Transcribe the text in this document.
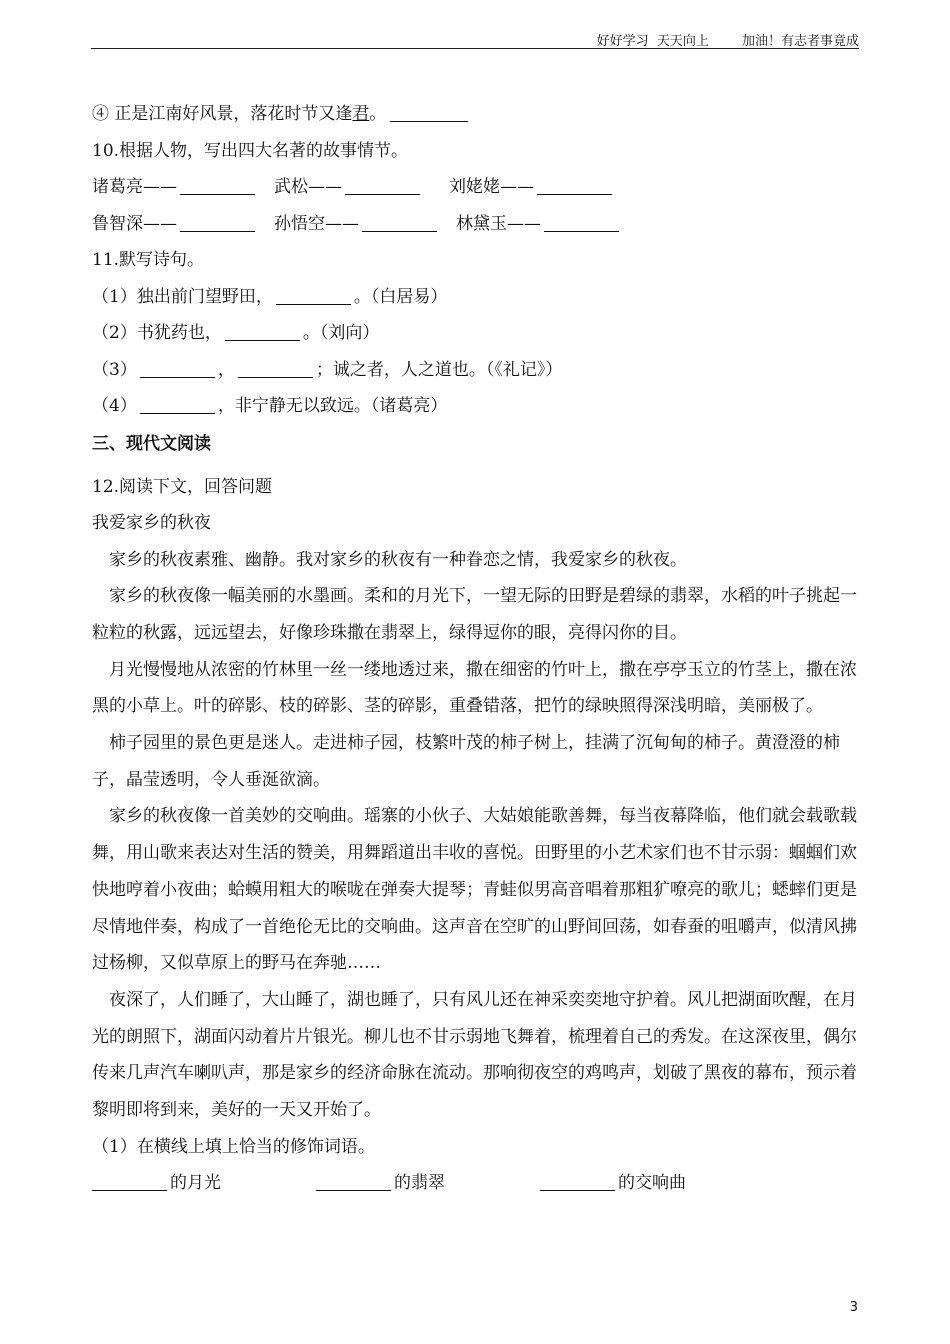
好好学习  天天向上	加油！有志者事竟成
④ 正是江南好风景，落花时节又逢君。
10.根据人物，写出四大名著的故事情节。
诸葛亮——	武松——	刘姥姥——
鲁智深——	孙悟空——	林黛玉——
11.默写诗句。
（1）独出前门望野田，	。（白居易）
（2）书犹药也，	。（刘向）
（3）	，	；诚之者，人之道也。（《礼记》）
（4）	，非宁静无以致远。（诸葛亮）
三、现代文阅读
12.阅读下文，回答问题
我爱家乡的秋夜

家乡的秋夜素雅、幽静。我对家乡的秋夜有一种眷恋之情，我爱家乡的秋夜。

家乡的秋夜像一幅美丽的水墨画。柔和的月光下，一望无际的田野是碧绿的翡翠，水稻的叶子挑起一粒粒的秋露，远远望去，好像珍珠撒在翡翠上，绿得逗你的眼，亮得闪你的目。

月光慢慢地从浓密的竹林里一丝一缕地透过来，撒在细密的竹叶上，撒在亭亭玉立的竹茎上，撒在浓黑的小草上。叶的碎影、枝的碎影、茎的碎影，重叠错落，把竹的绿映照得深浅明暗，美丽极了。

柿子园里的景色更是迷人。走进柿子园，枝繁叶茂的柿子树上，挂满了沉甸甸的柿子。黄澄澄的柿子，晶莹透明，令人垂涎欲滴。

家乡的秋夜像一首美妙的交响曲。瑶寨的小伙子、大姑娘能歌善舞，每当夜幕降临，他们就会载歌载舞，用山歌来表达对生活的赞美，用舞蹈道出丰收的喜悦。田野里的小艺术家们也不甘示弱：蝈蝈们欢快地哼着小夜曲；蛤蟆用粗大的喉咙在弹奏大提琴；青蛙似男高音唱着那粗犷嘹亮的歌儿；蟋蟀们更是尽情地伴奏，构成了一首绝伦无比的交响曲。这声音在空旷的山野间回荡，如春蚕的咀嚼声，似清风拂过杨柳，又似草原上的野马在奔驰……

夜深了，人们睡了，大山睡了，湖也睡了，只有风儿还在神采奕奕地守护着。风儿把湖面吹醒，在月光的朗照下，湖面闪动着片片银光。柳儿也不甘示弱地飞舞着，梳理着自己的秀发。在这深夜里，偶尔传来几声汽车喇叭声，那是家乡的经济命脉在流动。那响彻夜空的鸡鸣声，划破了黑夜的幕布，预示着黎明即将到来，美好的一天又开始了。

（1）在横线上填上恰当的修饰词语。
的月光	的翡翠	的交响曲
3
